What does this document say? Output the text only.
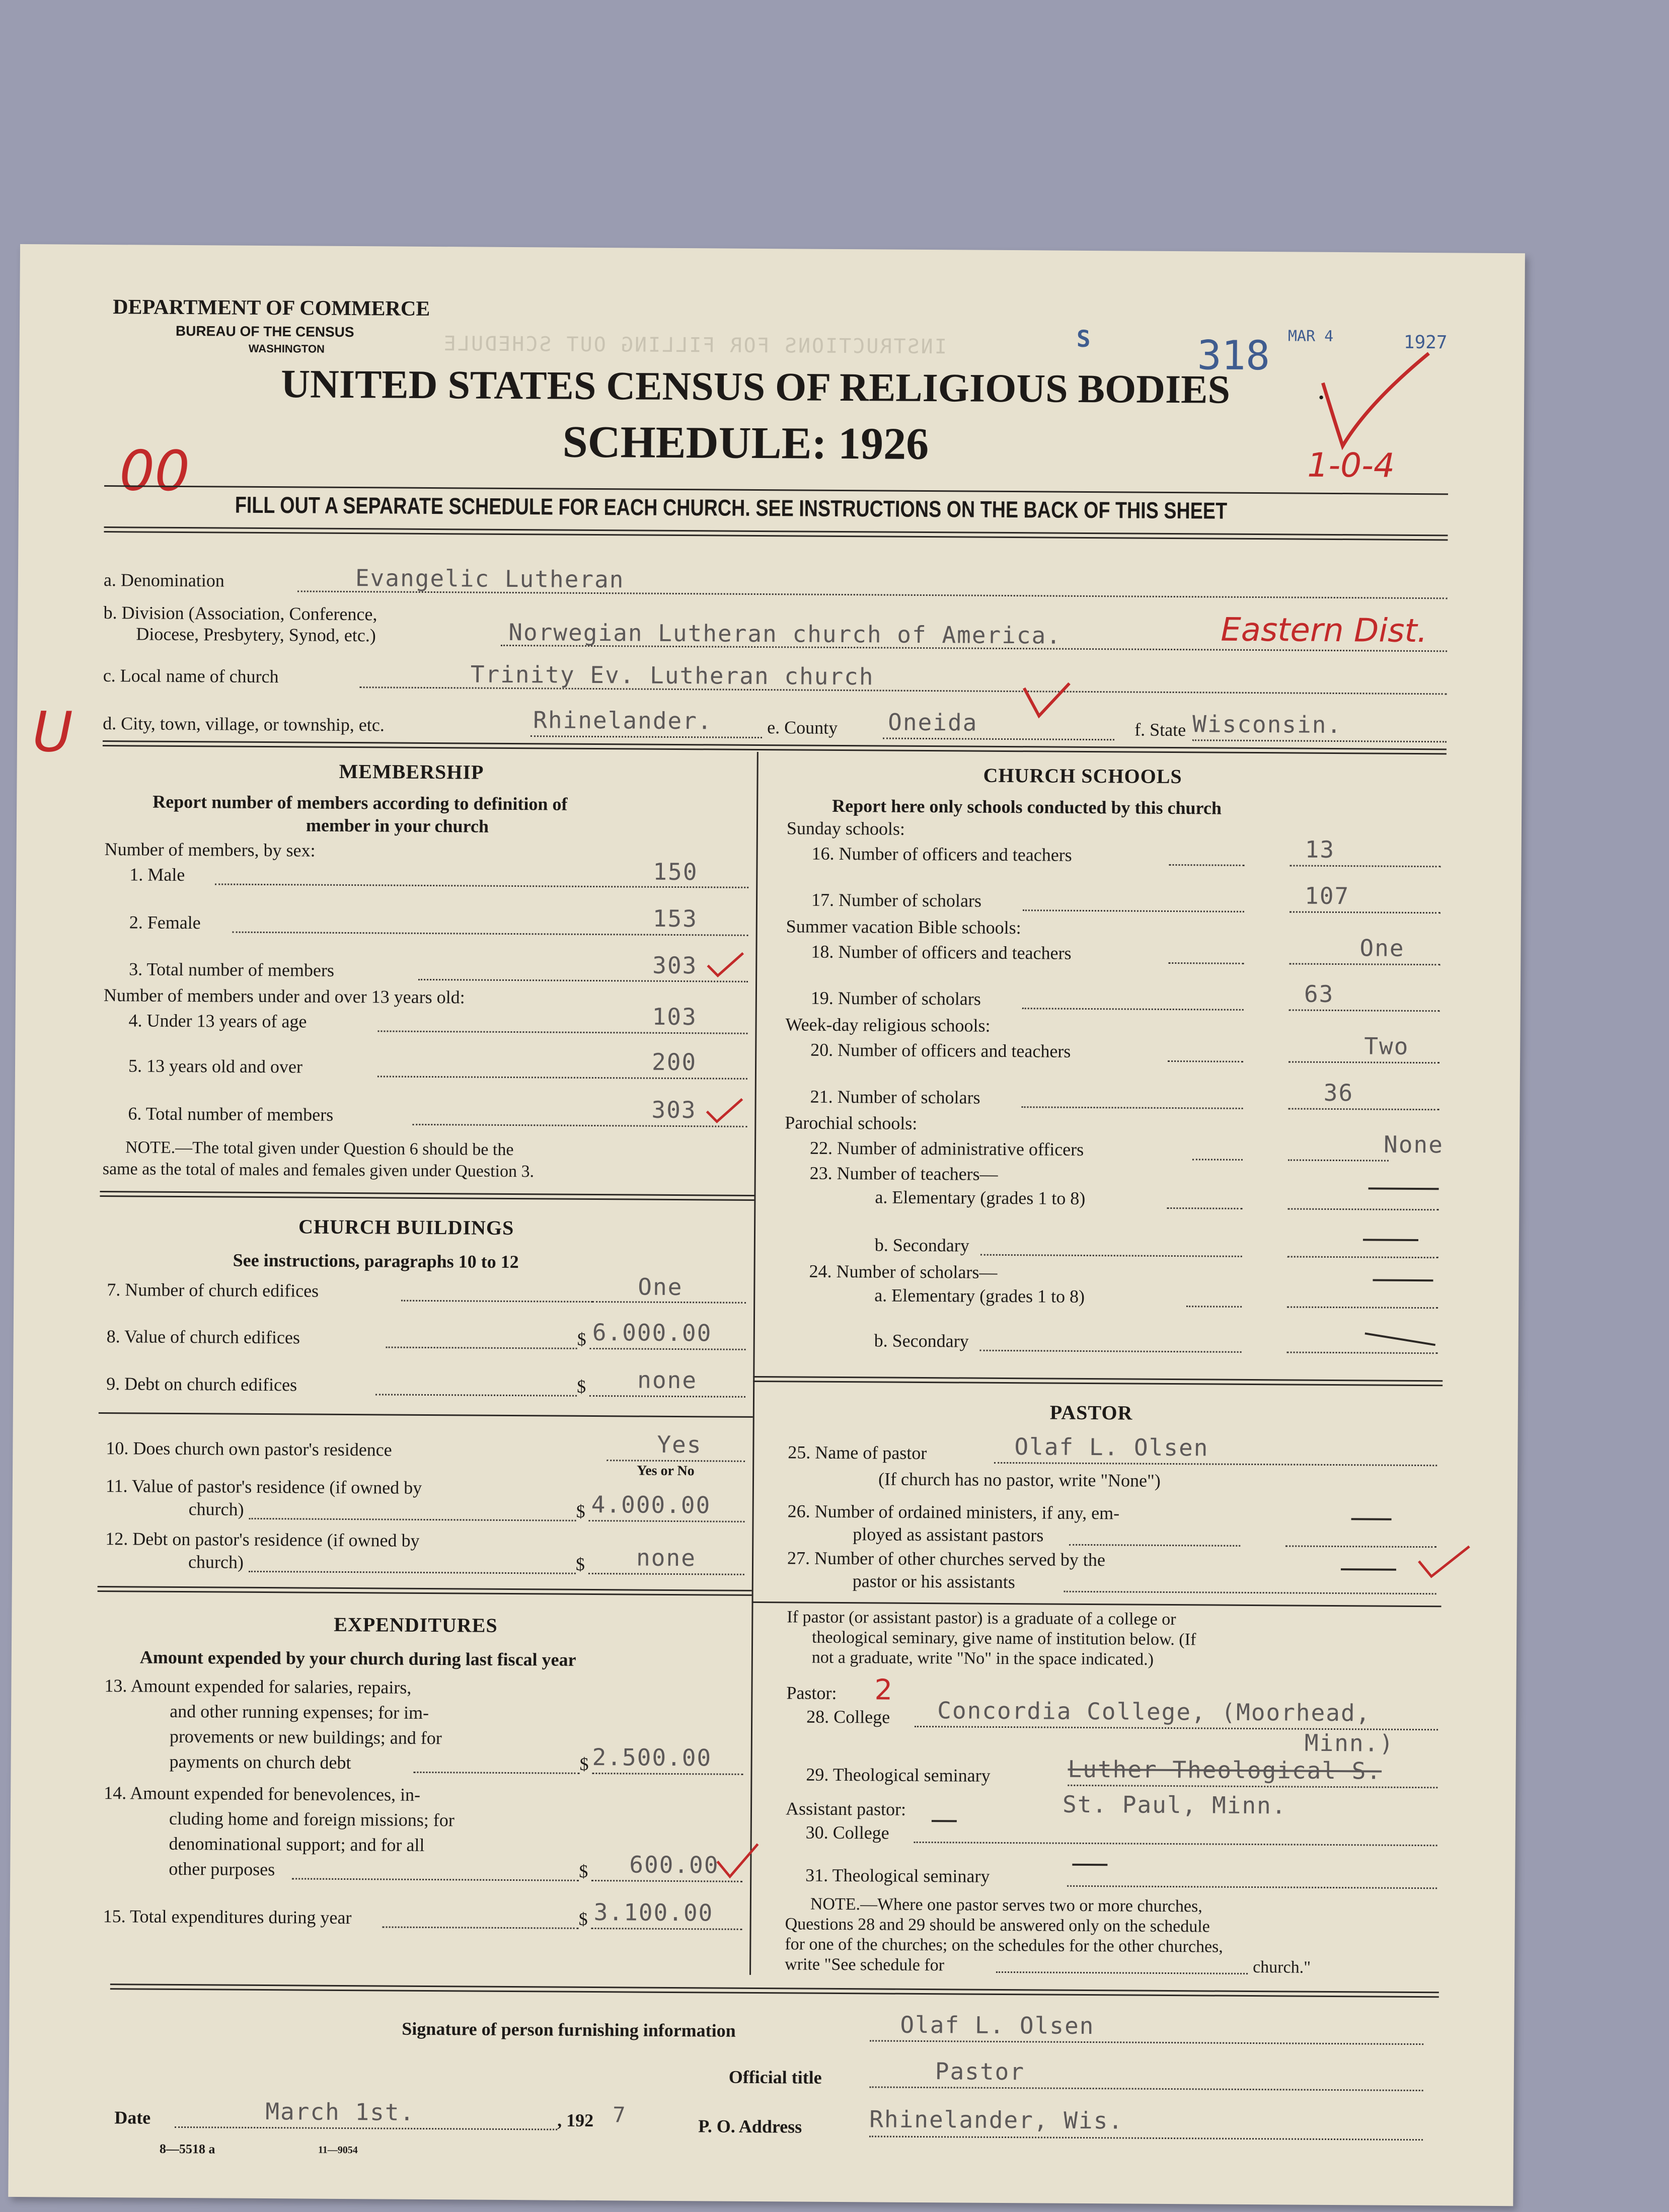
DEPARTMENT OF COMMERCE
BUREAU OF THE CENSUS
WASHINGTON	INSTRUCTIONS FOR FILLING OUT SCHEDULE	S	318 MAR 4	1927
UNITED STATES CENSUS OF RELIGIOUS BODIES
SCHEDULE: 1926
00	1-0-4
.
FILL OUT A SEPARATE SCHEDULE FOR EACH CHURCH. SEE INSTRUCTIONS ON THE BACK OF THIS SHEET
a. Denomination	Evangelic Lutheran
b. Division (Association, Conference,
Diocese, Presbytery, Synod, etc.)	Norwegian Lutheran church of America.	Eastern Dist.
c. Local name of church	Trinity Ev. Lutheran church
U d. City, town, village, or township, etc.	Rhinelander.	e. County Oneida	f. State Wisconsin.
MEMBERSHIP
Report number of members according to definition of
member in your church
Number of members, by sex:
1. Male	150
2. Female	153
3. Total number of members	303
Number of members under and over 13 years old:
4. Under 13 years of age	103
5. 13 years old and over	200
6. Total number of members	303
NOTE.—The total given under Question 6 should be the
same as the total of males and females given under Question 3.
CHURCH BUILDINGS
See instructions, paragraphs 10 to 12
7. Number of church edifices	One
8. Value of church edifices	$ 6.000.00
9. Debt on church edifices	$ none
10. Does church own pastor's residence	Yes
Yes or No
11. Value of pastor's residence (if owned by
church)	$ 4.000.00
12. Debt on pastor's residence (if owned by
church)	$ none
EXPENDITURES
Amount expended by your church during last fiscal year
13. Amount expended for salaries, repairs,
and other running expenses; for im-
provements or new buildings; and for
payments on church debt	$ 2.500.00
14. Amount expended for benevolences, in-
cluding home and foreign missions; for
denominational support; and for all
other purposes	$ 600.00
15. Total expenditures during year	$ 3.100.00
CHURCH SCHOOLS
Report here only schools conducted by this church
Sunday schools:
16. Number of officers and teachers	13
17. Number of scholars	107
Summer vacation Bible schools:
18. Number of officers and teachers	One
19. Number of scholars	63
Week-day religious schools:
20. Number of officers and teachers	Two
21. Number of scholars	36
Parochial schools:
22. Number of administrative officers	None
23. Number of teachers—
a. Elementary (grades 1 to 8)
b. Secondary
24. Number of scholars—
a. Elementary (grades 1 to 8)
b. Secondary
PASTOR
25. Name of pastor	Olaf L. Olsen
(If church has no pastor, write "None")
26. Number of ordained ministers, if any, em-
ployed as assistant pastors
27. Number of other churches served by the
pastor or his assistants
If pastor (or assistant pastor) is a graduate of a college or
theological seminary, give name of institution below. (If
not a graduate, write "No" in the space indicated.)
Pastor: 2
28. College Concordia College, (Moorhead,
Minn.)
29. Theological seminary	Luther Theological S.
St. Paul, Minn.
Assistant pastor:
30. College
31. Theological seminary
NOTE.—Where one pastor serves two or more churches,
Questions 28 and 29 should be answered only on the schedule
for one of the churches; on the schedules for the other churches,
write "See schedule for	church."
Signature of person furnishing information	Olaf L. Olsen
Official title	Pastor
Date	March 1st.	, 192 7	P. O. Address	Rhinelander, Wis.
8—5518 a	11—9054
